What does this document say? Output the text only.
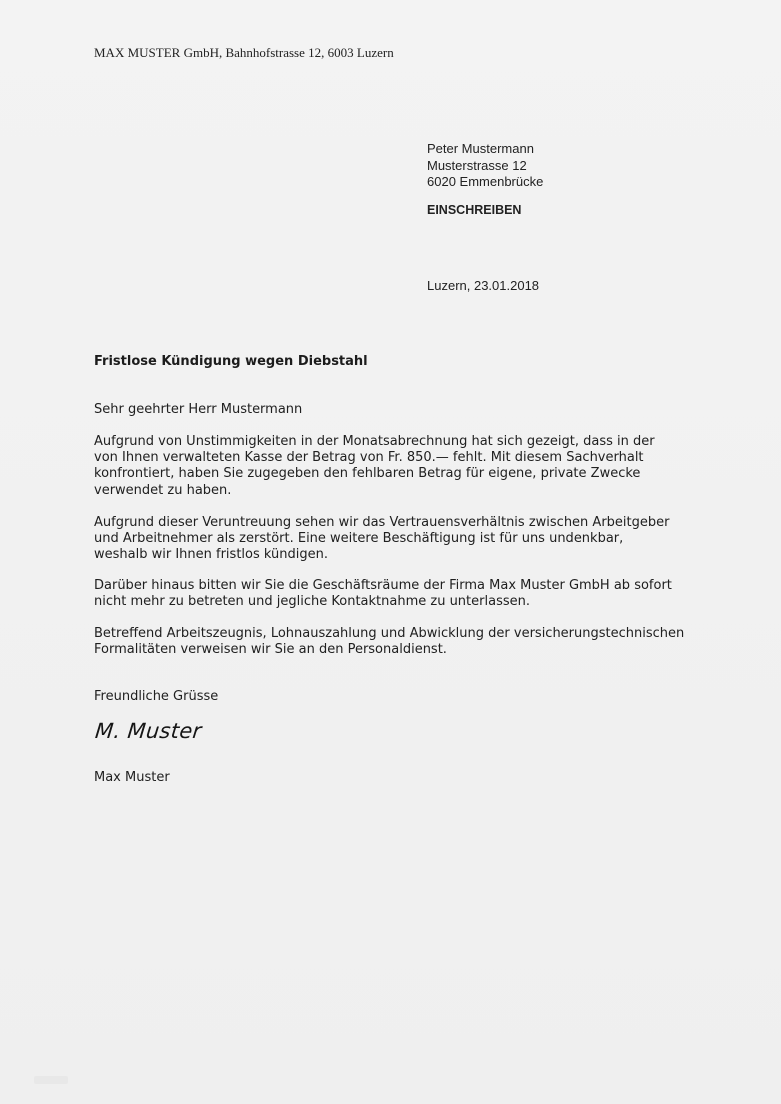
MAX MUSTER GmbH, Bahnhofstrasse 12, 6003 Luzern
Peter Mustermann
Musterstrasse 12
6020 Emmenbrücke
EINSCHREIBEN
Luzern, 23.01.2018
Fristlose Kündigung wegen Diebstahl
Sehr geehrter Herr Mustermann
Aufgrund von Unstimmigkeiten in der Monatsabrechnung hat sich gezeigt, dass in der
von Ihnen verwalteten Kasse der Betrag von Fr. 850.— fehlt. Mit diesem Sachverhalt
konfrontiert, haben Sie zugegeben den fehlbaren Betrag für eigene, private Zwecke
verwendet zu haben.
Aufgrund dieser Veruntreuung sehen wir das Vertrauensverhältnis zwischen Arbeitgeber
und Arbeitnehmer als zerstört. Eine weitere Beschäftigung ist für uns undenkbar,
weshalb wir Ihnen fristlos kündigen.
Darüber hinaus bitten wir Sie die Geschäftsräume der Firma Max Muster GmbH ab sofort
nicht mehr zu betreten und jegliche Kontaktnahme zu unterlassen.
Betreffend Arbeitszeugnis, Lohnauszahlung und Abwicklung der versicherungstechnischen
Formalitäten verweisen wir Sie an den Personaldienst.
Freundliche Grüsse
M. Muster
Max Muster
